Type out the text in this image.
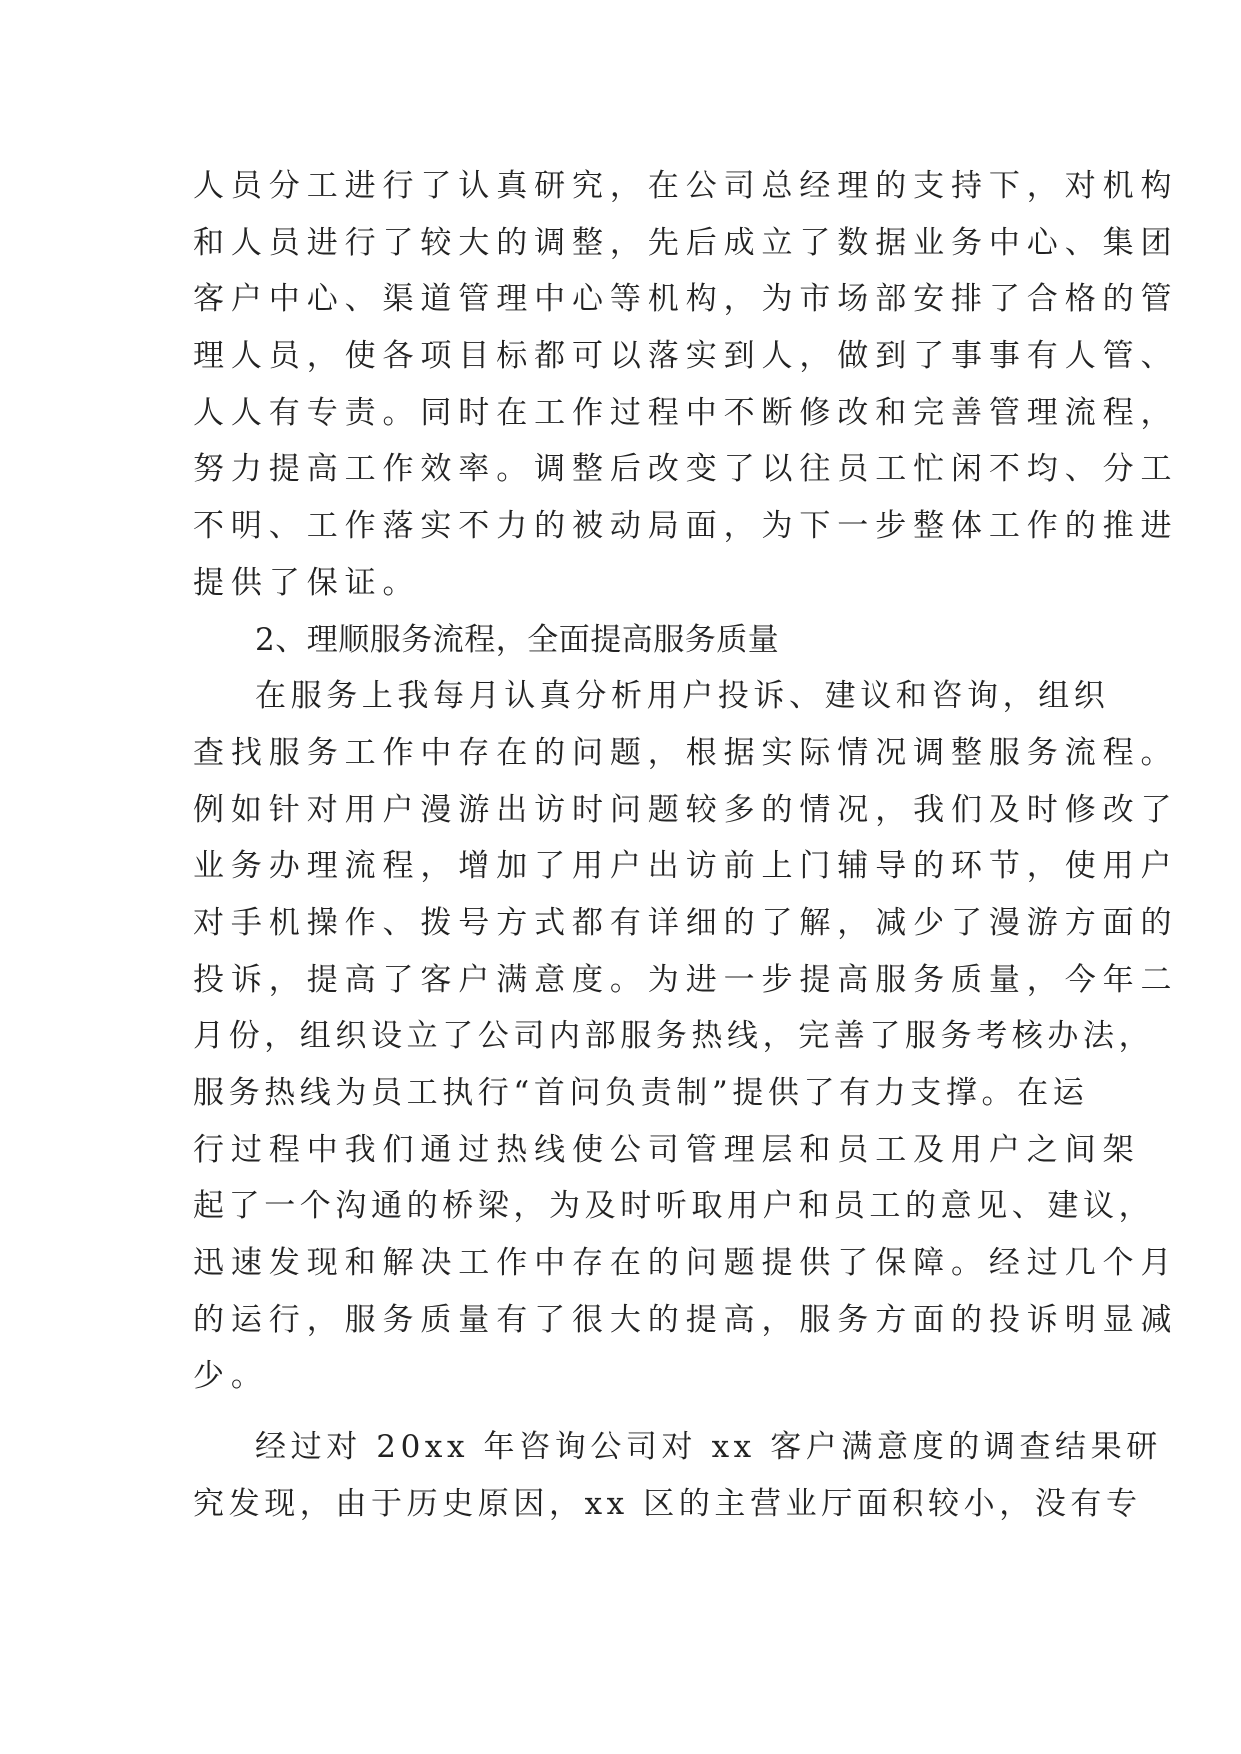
人员分工进行了认真研究，在公司总经理的支持下，对机构
和人员进行了较大的调整，先后成立了数据业务中心、集团
客户中心、渠道管理中心等机构，为市场部安排了合格的管
理人员，使各项目标都可以落实到人，做到了事事有人管、
人人有专责。同时在工作过程中不断修改和完善管理流程，
努力提高工作效率。调整后改变了以往员工忙闲不均、分工
不明、工作落实不力的被动局面，为下一步整体工作的推进
提供了保证。
2、理顺服务流程，全面提高服务质量
在服务上我每月认真分析用户投诉、建议和咨询，组织
查找服务工作中存在的问题，根据实际情况调整服务流程。
例如针对用户漫游出访时问题较多的情况，我们及时修改了
业务办理流程，增加了用户出访前上门辅导的环节，使用户
对手机操作、拨号方式都有详细的了解，减少了漫游方面的
投诉，提高了客户满意度。为进一步提高服务质量，今年二
月份，组织设立了公司内部服务热线，完善了服务考核办法，
服务热线为员工执行“首问负责制”提供了有力支撑。在运
行过程中我们通过热线使公司管理层和员工及用户之间架
起了一个沟通的桥梁，为及时听取用户和员工的意见、建议，
迅速发现和解决工作中存在的问题提供了保障。经过几个月
的运行，服务质量有了很大的提高，服务方面的投诉明显减
少。
经过对 20xx 年咨询公司对 xx 客户满意度的调查结果研
究发现，由于历史原因，xx 区的主营业厅面积较小，没有专
